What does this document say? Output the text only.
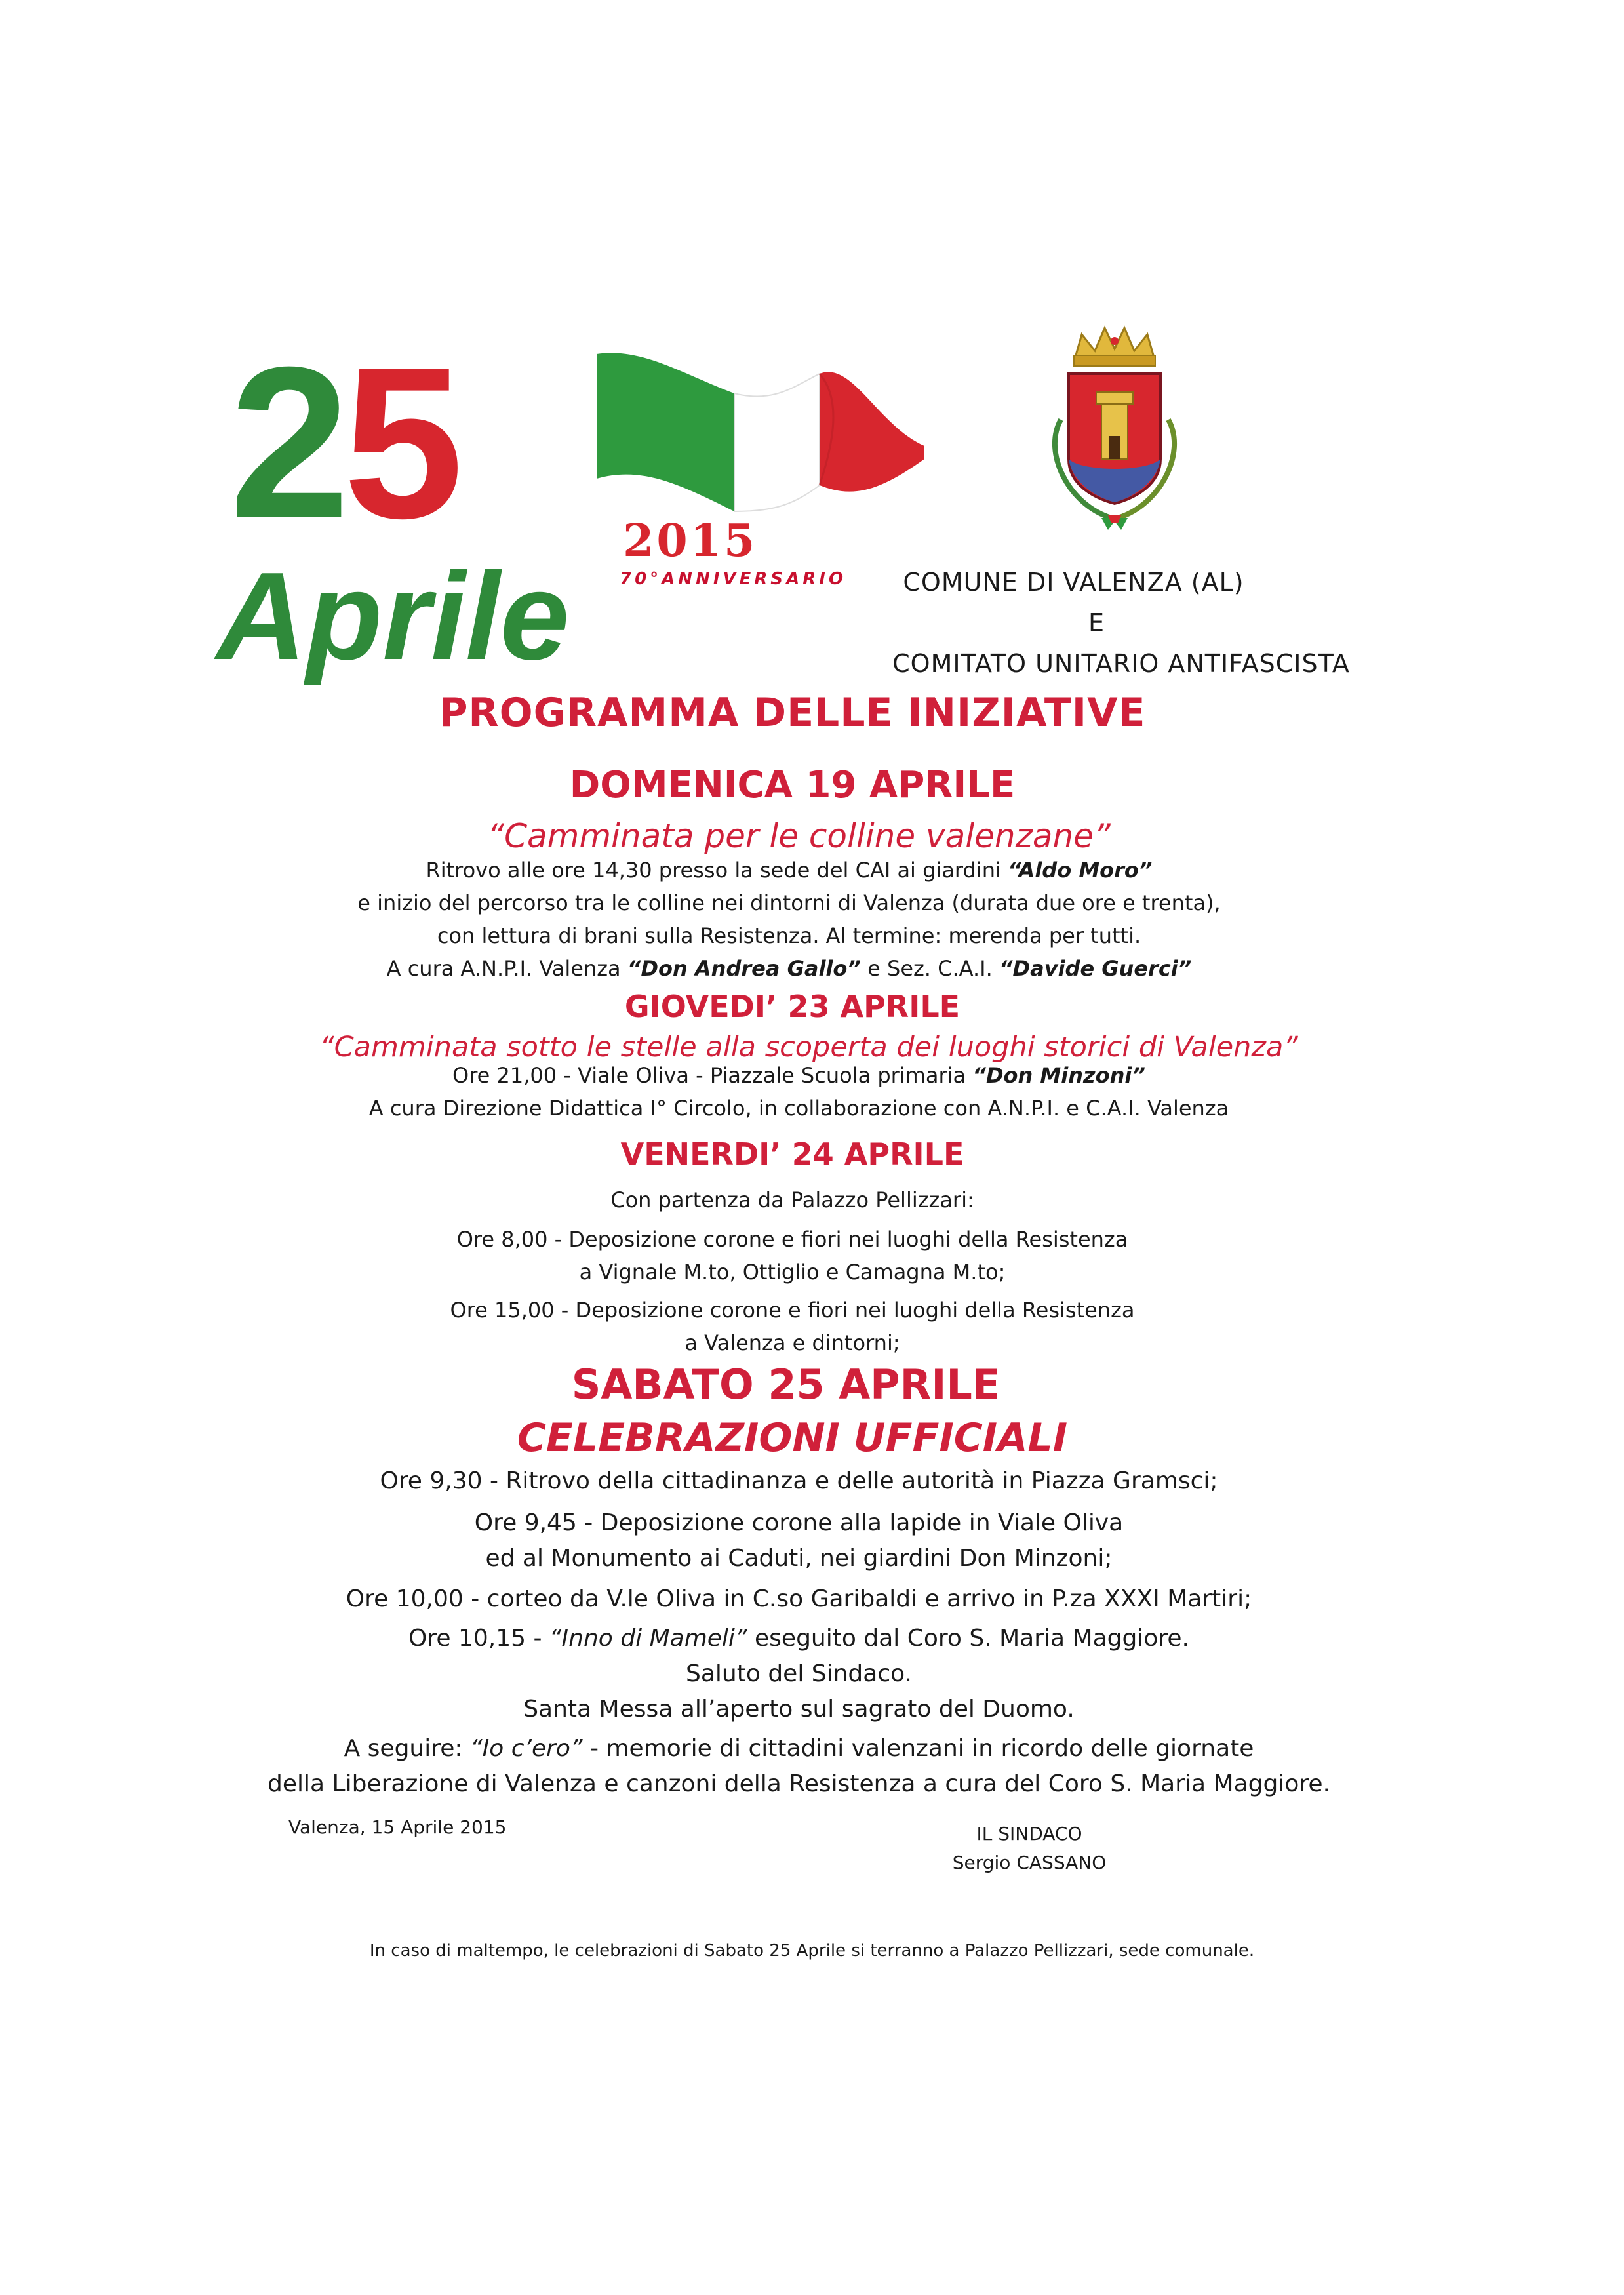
25	2015
70°ANNIVERSARIO
Aprile	COMUNE DI VALENZA (AL)
E
COMITATO UNITARIO ANTIFASCISTA
PROGRAMMA DELLE INIZIATIVE
DOMENICA 19 APRILE
“Camminata per le colline valenzane”
Ritrovo alle ore 14,30 presso la sede del CAI ai giardini “Aldo Moro”
e inizio del percorso tra le colline nei dintorni di Valenza (durata due ore e trenta),
con lettura di brani sulla Resistenza. Al termine: merenda per tutti.
A cura A.N.P.I. Valenza “Don Andrea Gallo” e Sez. C.A.I. “Davide Guerci”
GIOVEDI’ 23 APRILE
“Camminata sotto le stelle alla scoperta dei luoghi storici di Valenza”
Ore 21,00 - Viale Oliva - Piazzale Scuola primaria “Don Minzoni”
A cura Direzione Didattica I° Circolo, in collaborazione con A.N.P.I. e C.A.I. Valenza
VENERDI’ 24 APRILE
Con partenza da Palazzo Pellizzari:
Ore 8,00 - Deposizione corone e fiori nei luoghi della Resistenza
a Vignale M.to, Ottiglio e Camagna M.to;
Ore 15,00 - Deposizione corone e fiori nei luoghi della Resistenza
a Valenza e dintorni;
SABATO 25 APRILE
CELEBRAZIONI UFFICIALI
Ore 9,30 - Ritrovo della cittadinanza e delle autorità in Piazza Gramsci;
Ore 9,45 - Deposizione corone alla lapide in Viale Oliva
ed al Monumento ai Caduti, nei giardini Don Minzoni;
Ore 10,00 - corteo da V.le Oliva in C.so Garibaldi e arrivo in P.za XXXI Martiri;
Ore 10,15 - “Inno di Mameli” eseguito dal Coro S. Maria Maggiore.
Saluto del Sindaco.
Santa Messa all’aperto sul sagrato del Duomo.
A seguire: “Io c’ero” - memorie di cittadini valenzani in ricordo delle giornate
della Liberazione di Valenza e canzoni della Resistenza a cura del Coro S. Maria Maggiore.
Valenza, 15 Aprile 2015	IL SINDACO
Sergio CASSANO
In caso di maltempo, le celebrazioni di Sabato 25 Aprile si terranno a Palazzo Pellizzari, sede comunale.
